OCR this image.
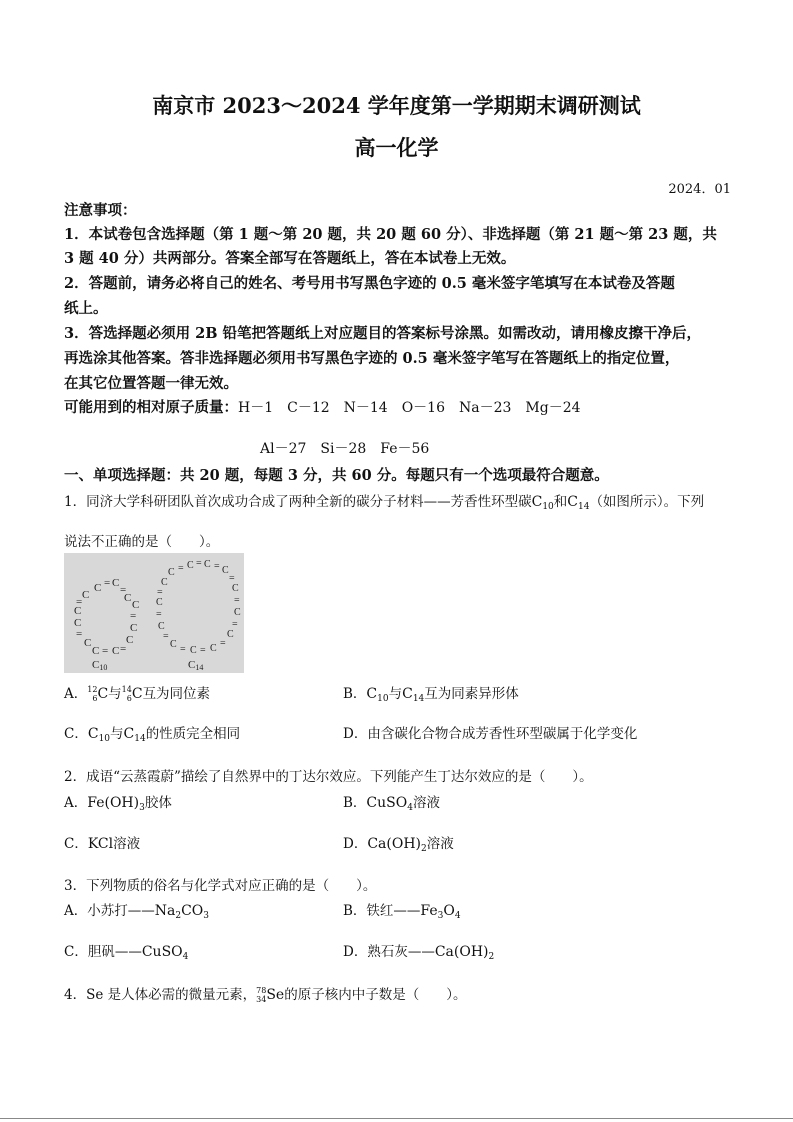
南京市 2023～2024 学年度第一学期期末调研测试
高一化学
2024．01
注意事项：
1．本试卷包含选择题（第 1 题～第 20 题，共 20 题 60 分）、非选择题（第 21 题～第 23 题，共
3 题 40 分）共两部分。答案全部写在答题纸上，答在本试卷上无效。
2．答题前，请务必将自己的姓名、考号用书写黑色字迹的 0.5 毫米签字笔填写在本试卷及答题
纸上。
3．答选择题必须用 2B 铅笔把答题纸上对应题目的答案标号涂黑。如需改动，请用橡皮擦干净后，
再选涂其他答案。答非选择题必须用书写黑色字迹的 0.5 毫米签字笔写在答题纸上的指定位置，
在其它位置答题一律无效。
可能用到的相对原子质量：H－1　C－12　N－14　O－16　Na－23　Mg－24
Al－27　Si－28　Fe－56
一、单项选择题：共 20 题，每题 3 分，共 60 分。每题只有一个选项最符合题意。
1．同济大学科研团队首次成功合成了两种全新的碳分子材料——芳香性环型碳$C_{10}$和$C_{14}$（如图所示）。下列
说法不正确的是（　　）。
C = C
=
C
C
=
C
C
=
C
=
C
C
=
C
C
=
C
C10
C = C = C = C
=
C
=
C
=
C
=
C
=
C
=
C
=
C
=
C
=
C
C14
A． 12
6 C与 14
6 C互为同位素	B．$C_{10}$与$C_{14}$互为同素异形体
C．$C_{10}$与$C_{14}$的性质完全相同	D．由含碳化合物合成芳香性环型碳属于化学变化
2．成语“云蒸霞蔚”描绘了自然界中的丁达尔效应。下列能产生丁达尔效应的是（　　）。
A．$Fe(OH)_3$胶体	B．CuSO$_4$溶液
C．KCl溶液	D．$Ca(OH)_2$溶液
3．下列物质的俗名与化学式对应正确的是（　　）。
A．小苏打$——Na_2CO_3$	B．铁红$——Fe_3O_4$
C．胆矾——CuSO$_4$	D．熟石灰$——Ca(OH)_2$
4．Se 是人体必需的微量元素， 78
34 Se的原子核内中子数是（　　）。
